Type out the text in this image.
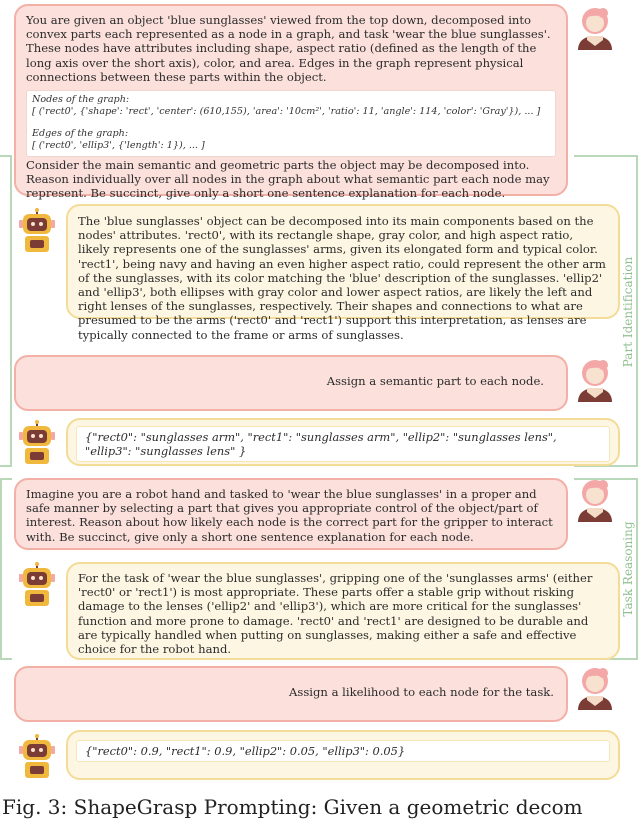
Part Identification
Task Reasoning
You are given an object 'blue sunglasses' viewed from the top down, decomposed into convex parts each represented as a node in a graph, and task 'wear the blue sunglasses'. These nodes have attributes including shape, aspect ratio (defined as the length of the long axis over the short axis), color, and area. Edges in the graph represent physical connections between these parts within the object.
Nodes of the graph:
[ ('rect0', {'shape': 'rect', 'center': (610,155), 'area': '10cm²', 'ratio': 11, 'angle': 114, 'color': 'Gray'}), ... ]
Edges of the graph:
[ ('rect0', 'ellip3', {'length': 1}), ... ]
Consider the main semantic and geometric parts the object may be decomposed into. Reason individually over all nodes in the graph about what semantic part each node may represent. Be succinct, give only a short one sentence explanation for each node.
The 'blue sunglasses' object can be decomposed into its main components based on the nodes' attributes. 'rect0', with its rectangle shape, gray color, and high aspect ratio, likely represents one of the sunglasses' arms, given its elongated form and typical color. 'rect1', being navy and having an even higher aspect ratio, could represent the other arm of the sunglasses, with its color matching the 'blue' description of the sunglasses. 'ellip2' and 'ellip3', both ellipses with gray color and lower aspect ratios, are likely the left and right lenses of the sunglasses, respectively. Their shapes and connections to what are presumed to be the arms ('rect0' and 'rect1') support this interpretation, as lenses are typically connected to the frame or arms of sunglasses.
Assign a semantic part to each node.
{"rect0": "sunglasses arm", "rect1": "sunglasses arm", "ellip2": "sunglasses lens", "ellip3": "sunglasses lens" }
Imagine you are a robot hand and tasked to 'wear the blue sunglasses' in a proper and safe manner by selecting a part that gives you appropriate control of the object/part of interest. Reason about how likely each node is the correct part for the gripper to interact with. Be succinct, give only a short one sentence explanation for each node.
For the task of 'wear the blue sunglasses', gripping one of the 'sunglasses arms' (either 'rect0' or 'rect1') is most appropriate. These parts offer a stable grip without risking damage to the lenses ('ellip2' and 'ellip3'), which are more critical for the sunglasses' function and more prone to damage. 'rect0' and 'rect1' are designed to be durable and are typically handled when putting on sunglasses, making either a safe and effective choice for the robot hand.
Assign a likelihood to each node for the task.
{"rect0": 0.9, "rect1": 0.9, "ellip2": 0.05, "ellip3": 0.05}
Fig. 3: ShapeGrasp Prompting: Given a geometric decom
